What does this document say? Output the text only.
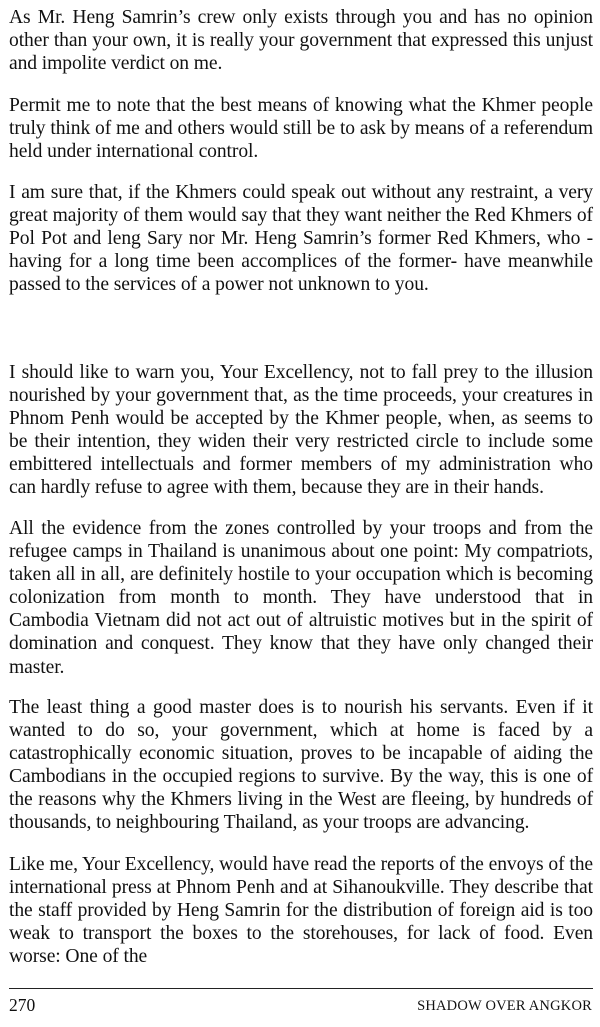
As Mr. Heng Samrin’s crew only exists through you and has no opinion other than your own, it is really your government that expressed this unjust and impolite verdict on me.

Permit me to note that the best means of knowing what the Khmer people truly think of me and others would still be to ask by means of a referendum held under international control.

I am sure that, if the Khmers could speak out without any restraint, a very great majority of them would say that they want neither the Red Khmers of Pol Pot and leng Sary nor Mr. Heng Samrin’s former Red Khmers, who -having for a long time been accomplices of the former- have meanwhile passed to the services of a power not unknown to you.

I should like to warn you, Your Excellency, not to fall prey to the illusion nourished by your government that, as the time proceeds, your creatures in Phnom Penh would be accepted by the Khmer people, when, as seems to be their intention, they widen their very restricted circle to include some embittered intellectuals and former members of my administration who can hardly refuse to agree with them, because they are in their hands.

All the evidence from the zones controlled by your troops and from the refugee camps in Thailand is unanimous about one point: My compatriots, taken all in all, are definitely hostile to your occupation which is becoming colonization from month to month. They have understood that in Cambodia Vietnam did not act out of altruistic motives but in the spirit of domination and conquest. They know that they have only changed their master.

The least thing a good master does is to nourish his servants. Even if it wanted to do so, your government, which at home is faced by a catastrophically economic situation, proves to be incapable of aiding the Cambodians in the occupied regions to survive. By the way, this is one of the reasons why the Khmers living in the West are fleeing, by hundreds of thousands, to neighbouring Thailand, as your troops are advancing.

Like me, Your Excellency, would have read the reports of the envoys of the international press at Phnom Penh and at Sihanoukville. They describe that the staff provided by Heng Samrin for the distribution of foreign aid is too weak to transport the boxes to the storehouses, for lack of food. Even worse: One of the

270	SHADOW OVER ANGKOR
